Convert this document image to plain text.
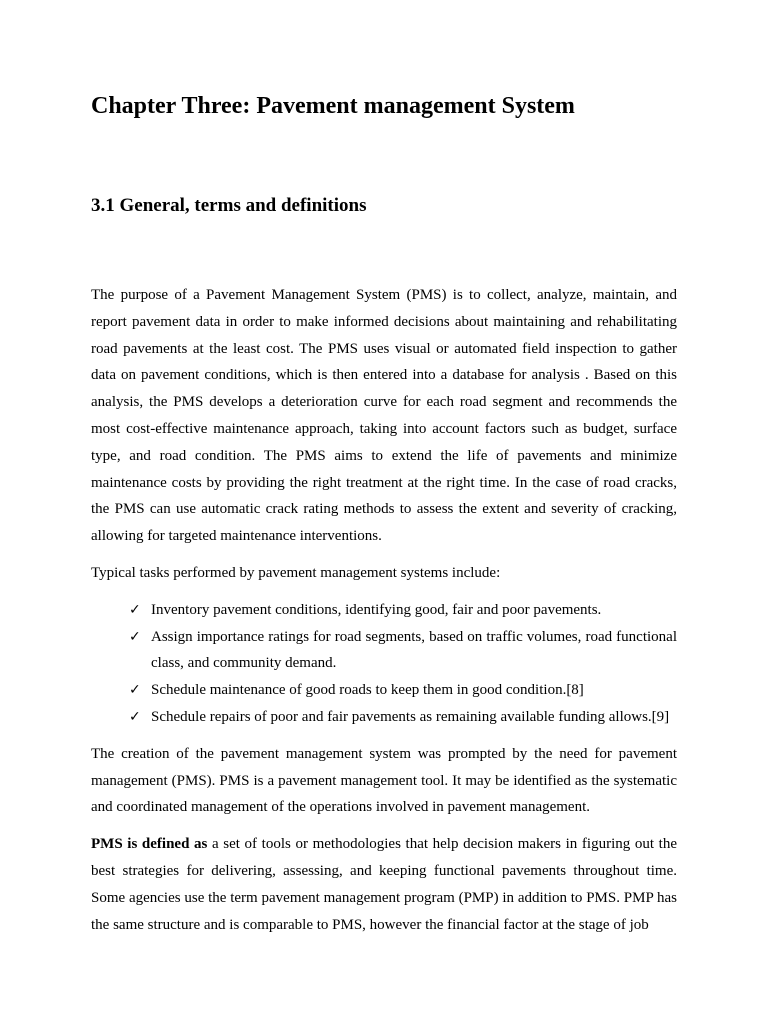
Chapter Three: Pavement management System
3.1 General, terms and definitions

The purpose of a Pavement Management System (PMS) is to collect, analyze, maintain, and report pavement data in order to make informed decisions about maintaining and rehabilitating road pavements at the least cost. The PMS uses visual or automated field inspection to gather data on pavement conditions, which is then entered into a database for analysis . Based on this analysis, the PMS develops a deterioration curve for each road segment and recommends the most cost-effective maintenance approach, taking into account factors such as budget, surface type, and road condition. The PMS aims to extend the life of pavements and minimize maintenance costs by providing the right treatment at the right time. In the case of road cracks, the PMS can use automatic crack rating methods to assess the extent and severity of cracking, allowing for targeted maintenance interventions.

Typical tasks performed by pavement management systems include:

✓ Inventory pavement conditions, identifying good, fair and poor pavements.
✓ Assign importance ratings for road segments, based on traffic volumes, road functional class, and community demand.
✓ Schedule maintenance of good roads to keep them in good condition.[8]
✓ Schedule repairs of poor and fair pavements as remaining available funding allows.[9]

The creation of the pavement management system was prompted by the need for pavement management (PMS). PMS is a pavement management tool. It may be identified as the systematic and coordinated management of the operations involved in pavement management.

PMS is defined as a set of tools or methodologies that help decision makers in figuring out the best strategies for delivering, assessing, and keeping functional pavements throughout time. Some agencies use the term pavement management program (PMP) in addition to PMS. PMP has the same structure and is comparable to PMS, however the financial factor at the stage of job
